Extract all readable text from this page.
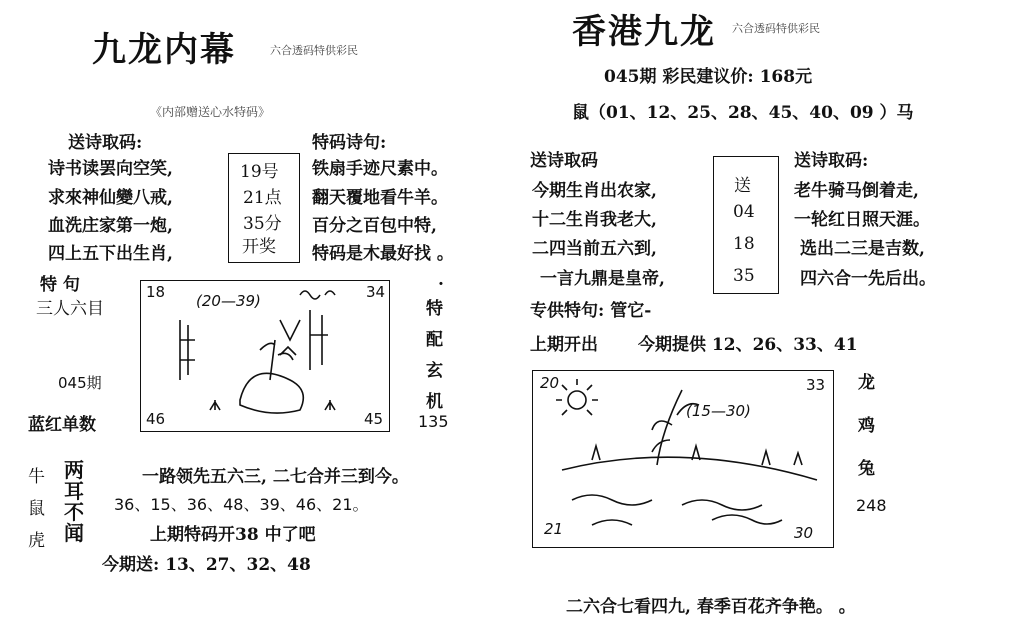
九龙内幕	六合透码特供彩民
《内部赠送心水特码》
送诗取码:
诗书读罢向空笑,
求來神仙變八戒,
血洗庄家第一炮,
四上五下出生肖,
19号
21点
35分
开奖
特码诗句:
铁扇手迹尺素中。
翻天覆地看牛羊。
百分之百包中特,
特码是木最好找 。
特 句
三人六目
045期
蓝红单数
18	34
46	45
(20—39)	特
配
玄
机
.
135
牛
鼠
虎
两
耳
不
闻
一路领先五六三, 二七合并三到今。
36、15、36、48、39、46、21。
上期特码开38 中了吧
今期送: 13、27、32、48
香港九龙 六合透码特供彩民
045期 彩民建议价: 168元
鼠（01、12、25、28、45、40、09 ）马
送诗取码
今期生肖出农家,
十二生肖我老大,
二四当前五六到,
一言九鼎是皇帝,
送
04
18
35
送诗取码:
老牛骑马倒着走,
一轮红日照天涯。
选出二三是吉数,
四六合一先后出。
专供特句: 管它-
上期开出 今期提供 12、26、33、41
20	33
21	30
(15—30)
龙
鸡
兔
248
二六合七看四九, 春季百花齐争艳。 。
